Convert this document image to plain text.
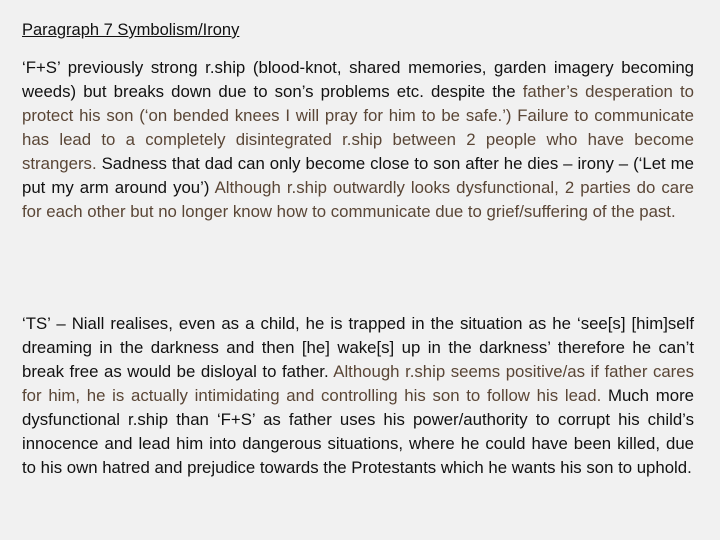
Paragraph 7 Symbolism/Irony

‘F+S’ previously strong r.ship (blood-knot, shared memories, garden imagery becoming weeds) but breaks down due to son’s problems etc. despite the father’s desperation to protect his son (‘on bended knees I will pray for him to be safe.’) Failure to communicate has lead to a completely disintegrated r.ship between 2 people who have become strangers. Sadness that dad can only become close to son after he dies – irony – (‘Let me put my arm around you’) Although r.ship outwardly looks dysfunctional, 2 parties do care for each other but no longer know how to communicate due to grief/suffering of the past.

‘TS’ – Niall realises, even as a child, he is trapped in the situation as he ‘see[s] [him]self dreaming in the darkness and then [he] wake[s] up in the darkness’ therefore he can’t break free as would be disloyal to father. Although r.ship seems positive/as if father cares for him, he is actually intimidating and controlling his son to follow his lead. Much more dysfunctional r.ship than ‘F+S’ as father uses his power/authority to corrupt his child’s innocence and lead him into dangerous situations, where he could have been killed, due to his own hatred and prejudice towards the Protestants which he wants his son to uphold.
